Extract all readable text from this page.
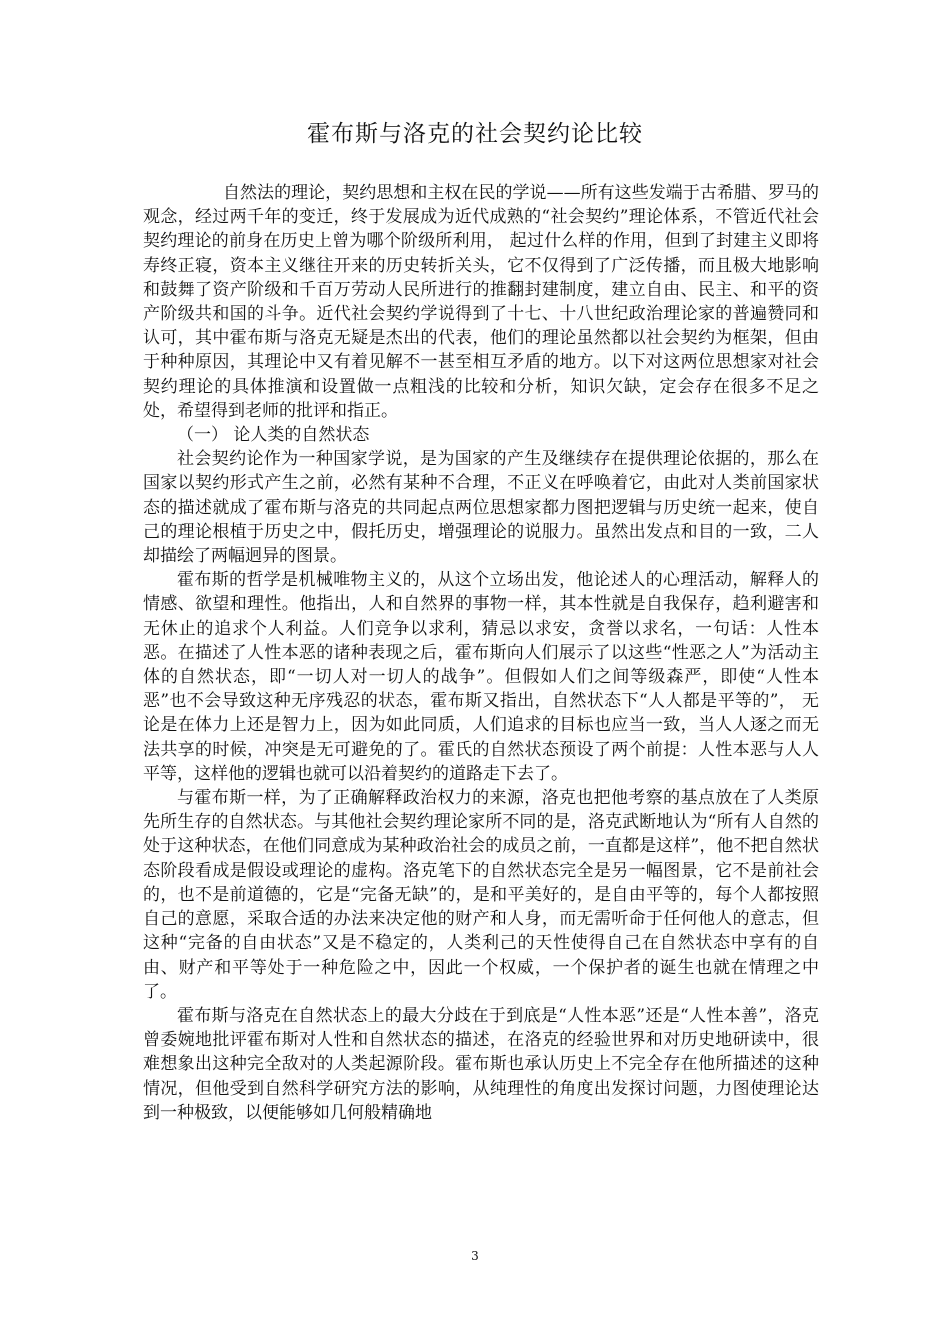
霍布斯与洛克的社会契约论比较

自然法的理论，契约思想和主权在民的学说——所有这些发端于古希腊、罗马的观念，经过两千年的变迁，终于发展成为近代成熟的“社会契约”理论体系，不管近代社会契约理论的前身在历史上曾为哪个阶级所利用， 起过什么样的作用，但到了封建主义即将寿终正寝，资本主义继往开来的历史转折关头，它不仅得到了广泛传播，而且极大地影响和鼓舞了资产阶级和千百万劳动人民所进行的推翻封建制度，建立自由、民主、和平的资产阶级共和国的斗争。近代社会契约学说得到了十七、十八世纪政治理论家的普遍赞同和认可，其中霍布斯与洛克无疑是杰出的代表，他们的理论虽然都以社会契约为框架，但由于种种原因，其理论中又有着见解不一甚至相互矛盾的地方。以下对这两位思想家对社会契约理论的具体推演和设置做一点粗浅的比较和分析，知识欠缺，定会存在很多不足之处，希望得到老师的批评和指正。

（一） 论人类的自然状态

社会契约论作为一种国家学说，是为国家的产生及继续存在提供理论依据的，那么在国家以契约形式产生之前，必然有某种不合理，不正义在呼唤着它，由此对人类前国家状态的描述就成了霍布斯与洛克的共同起点两位思想家都力图把逻辑与历史统一起来，使自己的理论根植于历史之中，假托历史，增强理论的说服力。虽然出发点和目的一致，二人却描绘了两幅迥异的图景。

霍布斯的哲学是机械唯物主义的，从这个立场出发，他论述人的心理活动，解释人的情感、欲望和理性。他指出，人和自然界的事物一样，其本性就是自我保存，趋利避害和无休止的追求个人利益。人们竞争以求利，猜忌以求安，贪誉以求名，一句话：人性本恶。在描述了人性本恶的诸种表现之后，霍布斯向人们展示了以这些“性恶之人”为活动主体的自然状态，即“一切人对一切人的战争”。但假如人们之间等级森严，即使“人性本恶”也不会导致这种无序残忍的状态，霍布斯又指出，自然状态下“人人都是平等的”， 无论是在体力上还是智力上，因为如此同质，人们追求的目标也应当一致，当人人逐之而无法共享的时候，冲突是无可避免的了。霍氏的自然状态预设了两个前提：人性本恶与人人平等，这样他的逻辑也就可以沿着契约的道路走下去了。

与霍布斯一样，为了正确解释政治权力的来源，洛克也把他考察的基点放在了人类原先所生存的自然状态。与其他社会契约理论家所不同的是，洛克武断地认为“所有人自然的处于这种状态，在他们同意成为某种政治社会的成员之前，一直都是这样”，他不把自然状态阶段看成是假设或理论的虚构。洛克笔下的自然状态完全是另一幅图景，它不是前社会的，也不是前道德的，它是“完备无缺”的，是和平美好的，是自由平等的，每个人都按照自己的意愿，采取合适的办法来决定他的财产和人身，而无需听命于任何他人的意志，但这种“完备的自由状态”又是不稳定的，人类利己的天性使得自己在自然状态中享有的自由、财产和平等处于一种危险之中，因此一个权威，一个保护者的诞生也就在情理之中了。

霍布斯与洛克在自然状态上的最大分歧在于到底是“人性本恶”还是“人性本善”，洛克曾委婉地批评霍布斯对人性和自然状态的描述，在洛克的经验世界和对历史地研读中，很难想象出这种完全敌对的人类起源阶段。霍布斯也承认历史上不完全存在他所描述的这种情况，但他受到自然科学研究方法的影响，从纯理性的角度出发探讨问题，力图使理论达到一种极致，以便能够如几何般精确地

3
